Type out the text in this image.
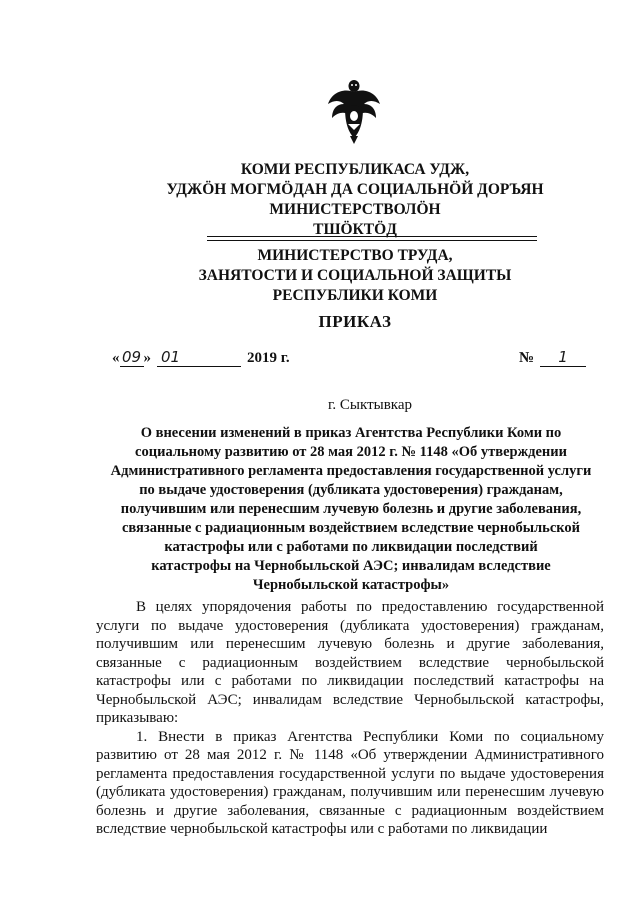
КОМИ РЕСПУБЛИКАСА УДЖ,
УДЖӦН МОГМӦДАН ДА СОЦИАЛЬНӦЙ ДОРЪЯН
МИНИСТЕРСТВОЛӦН
ТШӦКТӦД
МИНИСТЕРСТВО ТРУДА,
ЗАНЯТОСТИ И СОЦИАЛЬНОЙ ЗАЩИТЫ
РЕСПУБЛИКИ КОМИ
ПРИКАЗ
« 09 » 01	2019 г.	№	1
г. Сыктывкар
О внесении изменений в приказ Агентства Республики Коми по
социальному развитию от 28 мая 2012 г. № 1148 «Об утверждении
Административного регламента предоставления государственной услуги
по выдаче удостоверения (дубликата удостоверения) гражданам,
получившим или перенесшим лучевую болезнь и другие заболевания,
связанные с радиационным воздействием вследствие чернобыльской
катастрофы или с работами по ликвидации последствий
катастрофы на Чернобыльской АЭС; инвалидам вследствие
Чернобыльской катастрофы»

В целях упорядочения работы по предоставлению государственной услуги по выдаче удостоверения (дубликата удостоверения) гражданам, получившим или перенесшим лучевую болезнь и другие заболевания, связанные с радиационным воздействием вследствие чернобыльской катастрофы или с работами по ликвидации последствий катастрофы на Чернобыльской АЭС; инвалидам вследствие Чернобыльской катастрофы, приказываю:

1. Внести в приказ Агентства Республики Коми по социальному развитию от 28 мая 2012 г. № 1148 «Об утверждении Административного регламента предоставления государственной услуги по выдаче удостоверения (дубликата удостоверения) гражданам, получившим или перенесшим лучевую болезнь и другие заболевания, связанные с радиационным воздействием вследствие чернобыльской катастрофы или с работами по ликвидации
